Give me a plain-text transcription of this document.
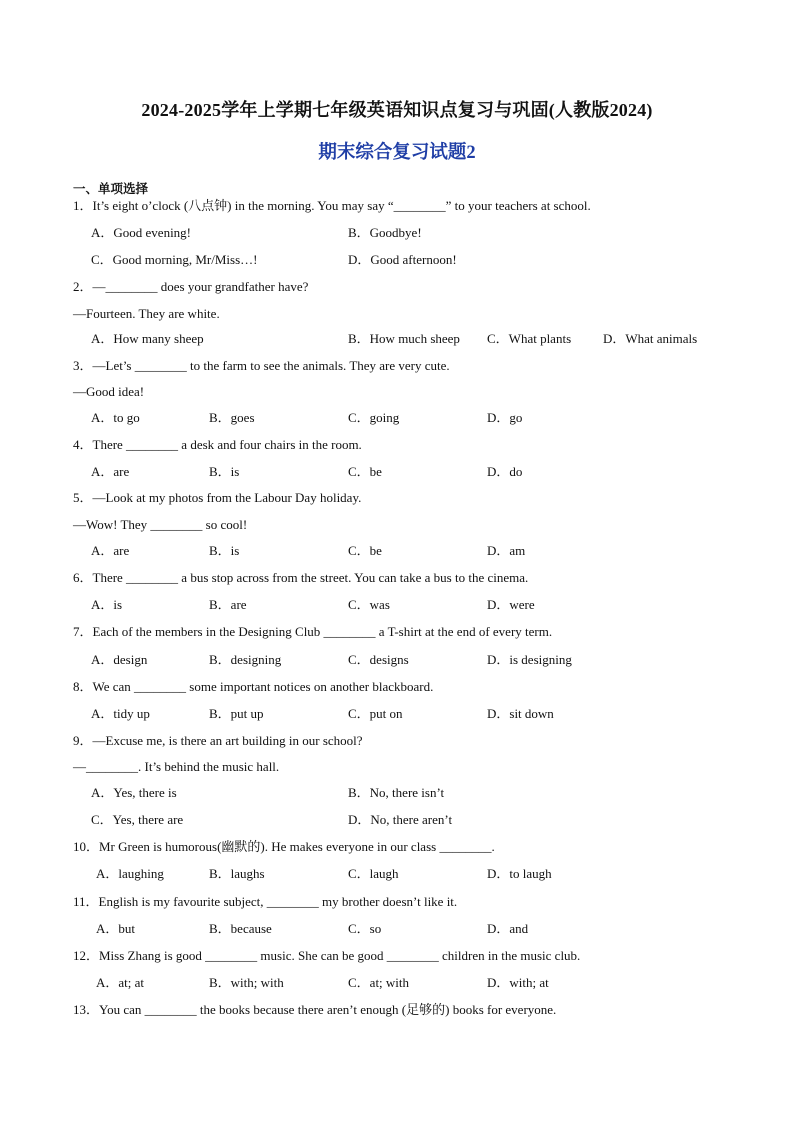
2024-2025学年上学期七年级英语知识点复习与巩固(人教版2024)
期末综合复习试题2
一、单项选择
1．It’s eight o’clock (八点钟) in the morning. You may say “________” to your teachers at school.
A．Good evening!	B．Goodbye!
C．Good morning, Mr/Miss…!	D．Good afternoon!
2．—________ does your grandfather have?
—Fourteen. They are white.
A．How many sheep	B．How much sheep C．What plants D．What animals
3．—Let’s ________ to the farm to see the animals. They are very cute.
—Good idea!
A．to go	B．goes	C．going	D．go
4．There ________ a desk and four chairs in the room.
A．are	B．is	C．be	D．do
5．—Look at my photos from the Labour Day holiday.
—Wow! They ________ so cool!
A．are	B．is	C．be	D．am
6．There ________ a bus stop across from the street. You can take a bus to the cinema.
A．is	B．are	C．was	D．were
7．Each of the members in the Designing Club ________ a T-shirt at the end of every term.
A．design	B．designing	C．designs	D．is designing
8．We can ________ some important notices on another blackboard.
A．tidy up	B．put up	C．put on	D．sit down
9．—Excuse me, is there an art building in our school?
—________. It’s behind the music hall.
A．Yes, there is	B．No, there isn’t
C．Yes, there are	D．No, there aren’t
10．Mr Green is humorous(幽默的). He makes everyone in our class ________.
A．laughing	B．laughs	C．laugh	D．to laugh
11．English is my favourite subject, ________ my brother doesn’t like it.
A．but	B．because	C．so	D．and
12．Miss Zhang is good ________ music. She can be good ________ children in the music club.
A．at; at	B．with; with	C．at; with	D．with; at
13．You can ________ the books because there aren’t enough (足够的) books for everyone.
